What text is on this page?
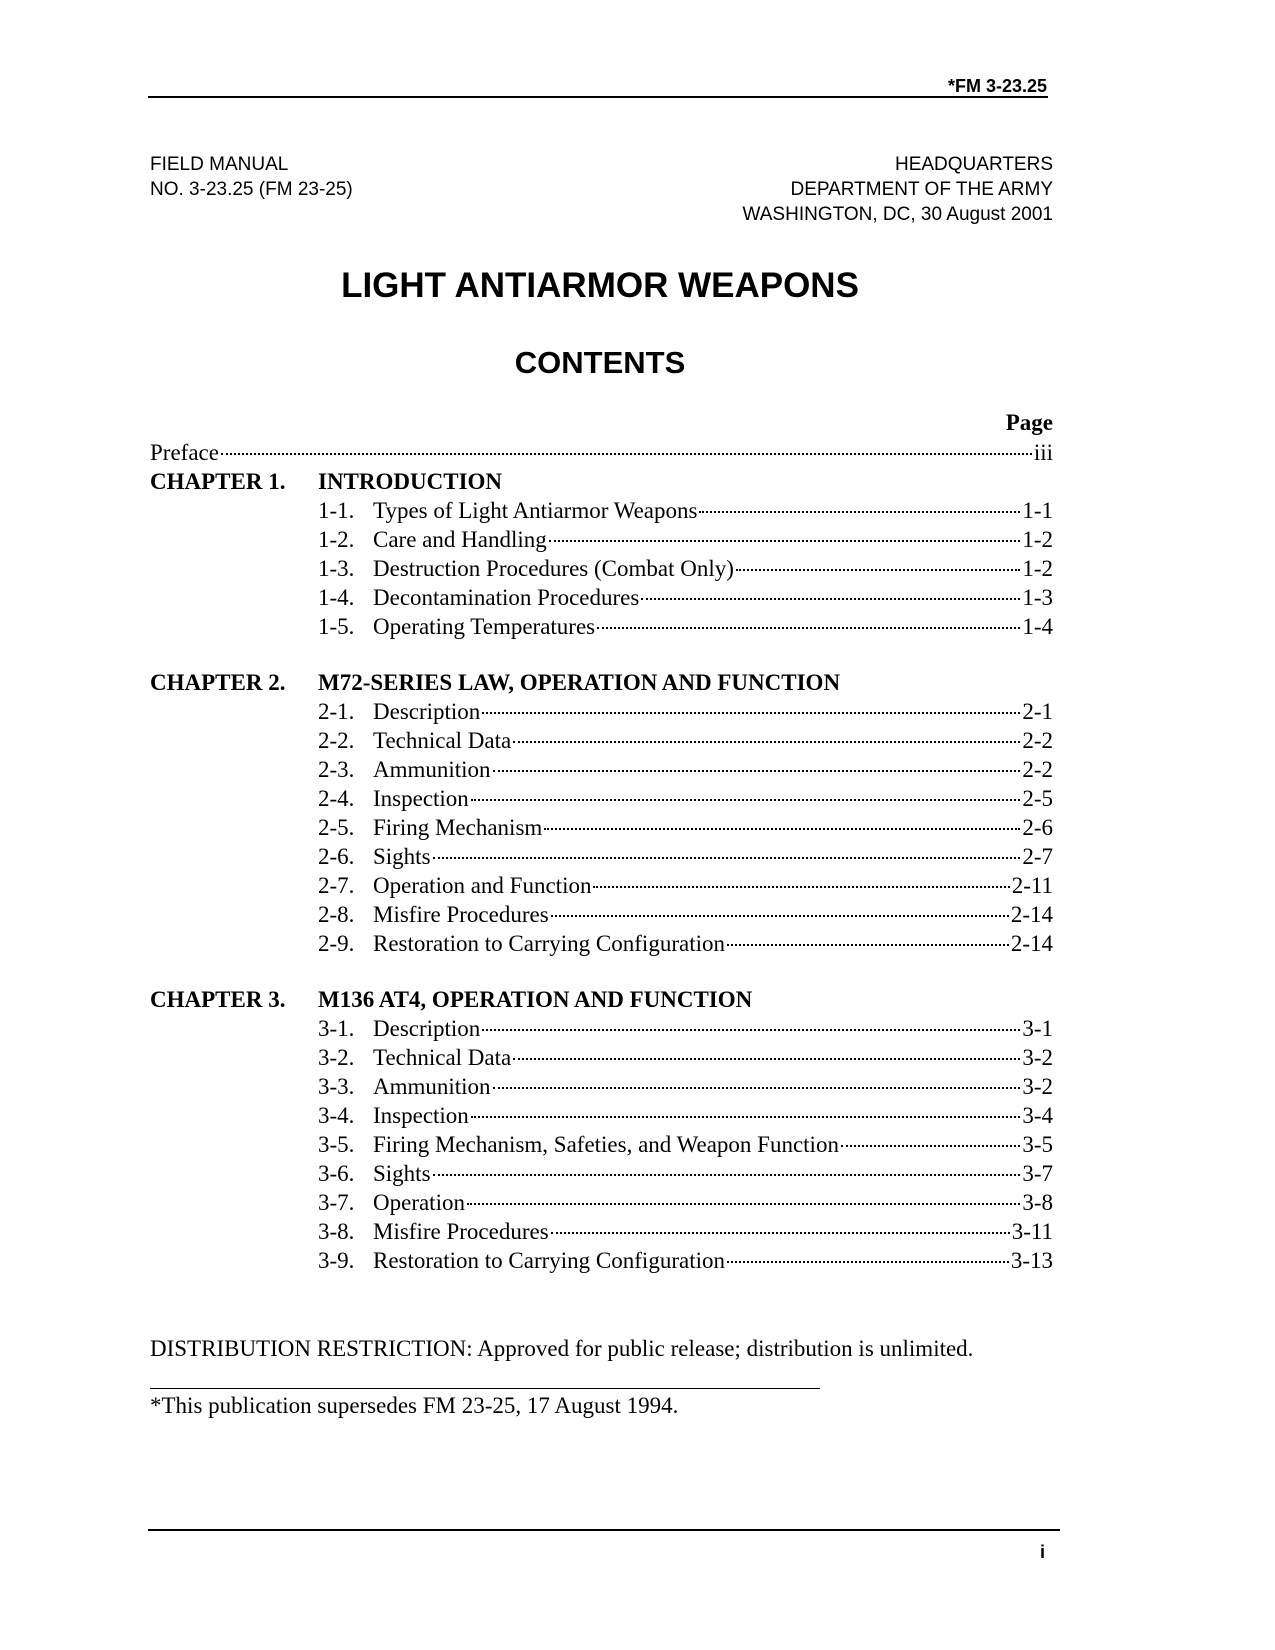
*FM 3-23.25
FIELD MANUAL
NO. 3-23.25 (FM 23-25)
HEADQUARTERS
DEPARTMENT OF THE ARMY
WASHINGTON, DC, 30 August 2001
LIGHT ANTIARMOR WEAPONS
CONTENTS
Page
Preface	iii
CHAPTER 1.	INTRODUCTION
1-1. Types of Light Antiarmor Weapons	1-1
1-2. Care and Handling	1-2
1-3. Destruction Procedures (Combat Only)	1-2
1-4. Decontamination Procedures	1-3
1-5. Operating Temperatures	1-4
CHAPTER 2.	M72-SERIES LAW, OPERATION AND FUNCTION
2-1. Description	2-1
2-2. Technical Data	2-2
2-3. Ammunition	2-2
2-4. Inspection	2-5
2-5. Firing Mechanism	2-6
2-6. Sights	2-7
2-7. Operation and Function	2-11
2-8. Misfire Procedures	2-14
2-9. Restoration to Carrying Configuration	2-14
CHAPTER 3.	M136 AT4, OPERATION AND FUNCTION
3-1. Description	3-1
3-2. Technical Data	3-2
3-3. Ammunition	3-2
3-4. Inspection	3-4
3-5. Firing Mechanism, Safeties, and Weapon Function	3-5
3-6. Sights	3-7
3-7. Operation	3-8
3-8. Misfire Procedures	3-11
3-9. Restoration to Carrying Configuration	3-13
DISTRIBUTION RESTRICTION: Approved for public release; distribution is unlimited.
*This publication supersedes FM 23-25, 17 August 1994.
i
